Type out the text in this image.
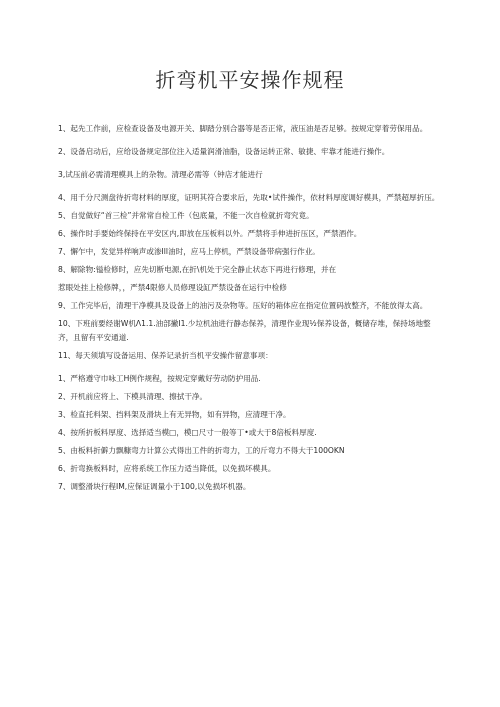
折弯机平安操作规程

1、起先工作前，应检查设备及电源开关、脚踏分别合器等是否正常，液压油是否足够。按规定穿着劳保用品。

2、设备启动后，应给设备规定部位注入适量润滑油脂，设备运转正常、敏捷、牢靠才能进行操作。

3,试压前必需清理模具上的杂物。清理必需等（钟店才能进行

4、用千分尺测盘待折弯材料的厚度，证明其符合要求后，先取•试件操作，依材料厚度调好模具，严禁超厚折压。

5、自觉做好“首三检”并常常自检工件（包底量，不能一次自检就折弯究竟。

6、操作时手要始终保持在平安区内,即放在压板料以外。严禁将手伸进折压区，严禁酒作。

7、懈乍中，发觉异样响声或渗Ill油时，应马上停机，严禁设备带病强行作业。

8、解除物:镒检修时，应先切断电源,在折\机处于完全静止状态下再进行修理，并在

惹眼处挂上检修牌，，严禁4限修人员修理设缸严禁设备在运行中检修

9、工作完毕后，清理干净模具及设备上的油污及杂物等。压好的箱体应在指定位置码放整齐，不能放得太高。

10、下班前要经谢W机Λ1.1.油部撇I1.少垃机油进行静态保养，清理作业现½保养设备，概储存堆，保持场地整齐，且留有平安通道.

11、每天须填写设备运用、保养记录折当机平安操作留意事项：

1、严格遵守巾咏工H例作规程，按规定穿戴好劳动防护用品.

2、开机前应将上、下模具清理、擦拭干净。

3、检直托料架、挡料架及滑块上有无异物，如有异物，应清理干净。

4、按所折板料厚度、选择适当模□，模□尺寸一般等丁•或大于8倍板料厚度.

5、由板料折僻力飘糠弯力计算公式得出工件的折弯力，工的斤弯力不得大于100OKN

6、折弯换板料时，应将系统工作压力适当降低，以免损坏模具。

7、调整滑块行程IM,应保证调量小于100,以免损坏机器。
